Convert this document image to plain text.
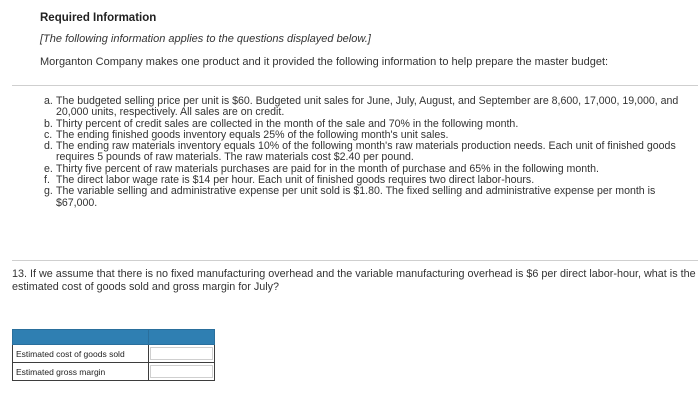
Required Information
[The following information applies to the questions displayed below.]
Morganton Company makes one product and it provided the following information to help prepare the master budget:
a. The budgeted selling price per unit is $60. Budgeted unit sales for June, July, August, and September are 8,600, 17,000, 19,000, and 20,000 units, respectively. All sales are on credit.
b. Thirty percent of credit sales are collected in the month of the sale and 70% in the following month.
c. The ending finished goods inventory equals 25% of the following month's unit sales.
d. The ending raw materials inventory equals 10% of the following month's raw materials production needs. Each unit of finished goods requires 5 pounds of raw materials. The raw materials cost $2.40 per pound.
e. Thirty five percent of raw materials purchases are paid for in the month of purchase and 65% in the following month.
f. The direct labor wage rate is $14 per hour. Each unit of finished goods requires two direct labor-hours.
g. The variable selling and administrative expense per unit sold is $1.80. The fixed selling and administrative expense per month is $67,000.
13. If we assume that there is no fixed manufacturing overhead and the variable manufacturing overhead is $6 per direct labor-hour, what is the estimated cost of goods sold and gross margin for July?

Estimated cost of goods sold	
Estimated gross margin	
